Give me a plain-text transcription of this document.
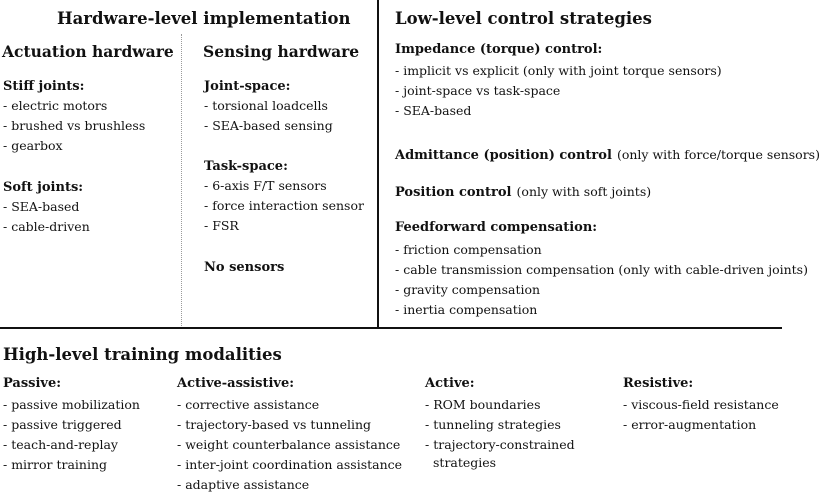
Hardware-level implementation
Actuation hardware
Stiff joints:
- electric motors
- brushed vs brushless
- gearbox
Soft joints:
- SEA-based
- cable-driven
Sensing hardware
Joint-space:
- torsional loadcells
- SEA-based sensing
Task-space:
- 6-axis F/T sensors
- force interaction sensor
- FSR
No sensors
Low-level control strategies
Impedance (torque) control:
- implicit vs explicit (only with joint torque sensors)
- joint-space vs task-space
- SEA-based
Admittance (position) control (only with force/torque sensors)
Position control (only with soft joints)
Feedforward compensation:
- friction compensation
- cable transmission compensation (only with cable-driven joints)
- gravity compensation
- inertia compensation
High-level training modalities
Passive:
- passive mobilization
- passive triggered
- teach-and-replay
- mirror training
Active-assistive:
- corrective assistance
- trajectory-based vs tunneling
- weight counterbalance assistance
- inter-joint coordination assistance
- adaptive assistance
Active:
- ROM boundaries
- tunneling strategies
- trajectory-constrained
strategies
Resistive:
- viscous-field resistance
- error-augmentation
